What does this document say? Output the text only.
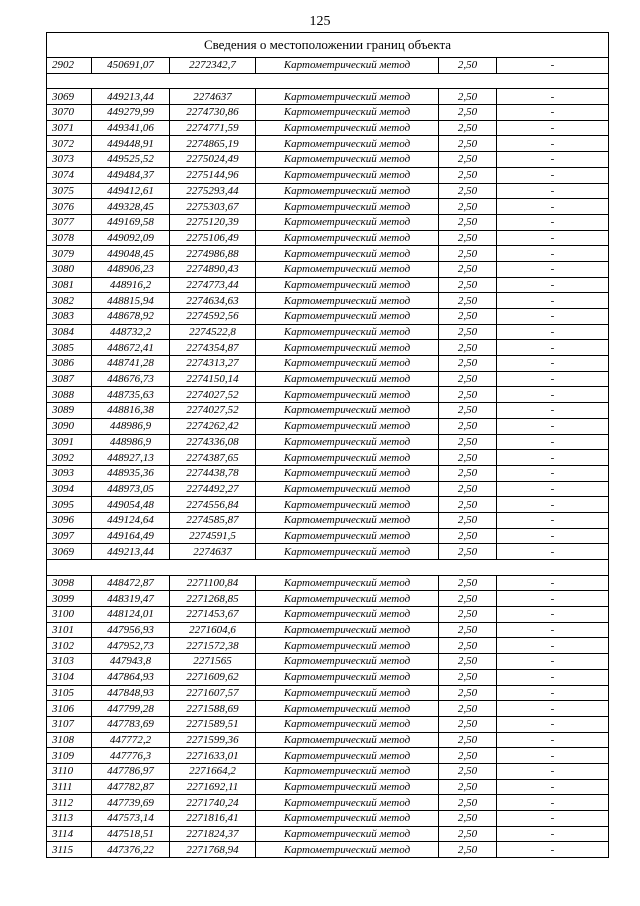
125
Сведения о местоположении границ объекта					
2902	450691,07	2272342,7	Картометрический метод	2,50	-

3069	449213,44	2274637	Картометрический метод	2,50	-
3070	449279,99	2274730,86	Картометрический метод	2,50	-
3071	449341,06	2274771,59	Картометрический метод	2,50	-
3072	449448,91	2274865,19	Картометрический метод	2,50	-
3073	449525,52	2275024,49	Картометрический метод	2,50	-
3074	449484,37	2275144,96	Картометрический метод	2,50	-
3075	449412,61	2275293,44	Картометрический метод	2,50	-
3076	449328,45	2275303,67	Картометрический метод	2,50	-
3077	449169,58	2275120,39	Картометрический метод	2,50	-
3078	449092,09	2275106,49	Картометрический метод	2,50	-
3079	449048,45	2274986,88	Картометрический метод	2,50	-
3080	448906,23	2274890,43	Картометрический метод	2,50	-
3081	448916,2	2274773,44	Картометрический метод	2,50	-
3082	448815,94	2274634,63	Картометрический метод	2,50	-
3083	448678,92	2274592,56	Картометрический метод	2,50	-
3084	448732,2	2274522,8	Картометрический метод	2,50	-
3085	448672,41	2274354,87	Картометрический метод	2,50	-
3086	448741,28	2274313,27	Картометрический метод	2,50	-
3087	448676,73	2274150,14	Картометрический метод	2,50	-
3088	448735,63	2274027,52	Картометрический метод	2,50	-
3089	448816,38	2274027,52	Картометрический метод	2,50	-
3090	448986,9	2274262,42	Картометрический метод	2,50	-
3091	448986,9	2274336,08	Картометрический метод	2,50	-
3092	448927,13	2274387,65	Картометрический метод	2,50	-
3093	448935,36	2274438,78	Картометрический метод	2,50	-
3094	448973,05	2274492,27	Картометрический метод	2,50	-
3095	449054,48	2274556,84	Картометрический метод	2,50	-
3096	449124,64	2274585,87	Картометрический метод	2,50	-
3097	449164,49	2274591,5	Картометрический метод	2,50	-
3069	449213,44	2274637	Картометрический метод	2,50	-

3098	448472,87	2271100,84	Картометрический метод	2,50	-
3099	448319,47	2271268,85	Картометрический метод	2,50	-
3100	448124,01	2271453,67	Картометрический метод	2,50	-
3101	447956,93	2271604,6	Картометрический метод	2,50	-
3102	447952,73	2271572,38	Картометрический метод	2,50	-
3103	447943,8	2271565	Картометрический метод	2,50	-
3104	447864,93	2271609,62	Картометрический метод	2,50	-
3105	447848,93	2271607,57	Картометрический метод	2,50	-
3106	447799,28	2271588,69	Картометрический метод	2,50	-
3107	447783,69	2271589,51	Картометрический метод	2,50	-
3108	447772,2	2271599,36	Картометрический метод	2,50	-
3109	447776,3	2271633,01	Картометрический метод	2,50	-
3110	447786,97	2271664,2	Картометрический метод	2,50	-
3111	447782,87	2271692,11	Картометрический метод	2,50	-
3112	447739,69	2271740,24	Картометрический метод	2,50	-
3113	447573,14	2271816,41	Картометрический метод	2,50	-
3114	447518,51	2271824,37	Картометрический метод	2,50	-
3115	447376,22	2271768,94	Картометрический метод	2,50	-
